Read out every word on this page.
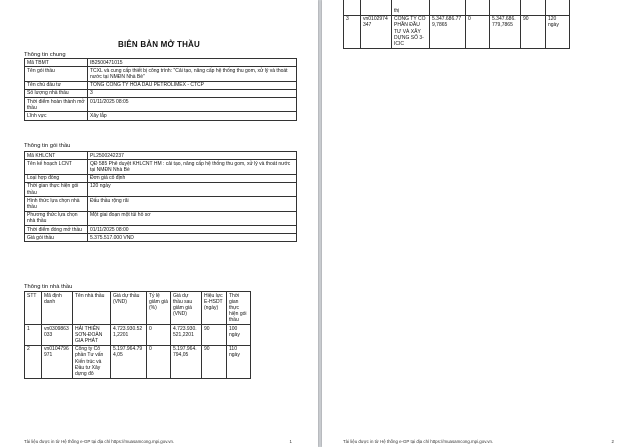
BIÊN BẢN MỞ THẦU
Thông tin chung
Mã TBMT	IB2500471015
Tên gói thầu	TCXL và cung cấp thiết bị công trình: "Cải tạo, nâng cấp hệ thống thu gom, xử lý và thoát nước tại NMĐN Nhà Bè"
Tên chủ đầu tư	TỔNG CÔNG TY HÓA DẦU PETROLIMEX - CTCP
Số lượng nhà thầu	3
Thời điểm hoàn thành mở thầu	01/11/2025 08:05
Lĩnh vực	Xây lắp
Thông tin gói thầu
Mã KHLCNT	PL2500242237
Tên kế hoạch LCNT	QĐ 585 Phê duyệt KHLCNT HM : cải tạo, nâng cấp hệ thống thu gom, xử lý và thoát nước tại NMĐN Nhà Bè
Loại hợp đồng	Đơn giá cố định
Thời gian thực hiện gói thầu	120 ngày
Hình thức lựa chọn nhà thầu	Đấu thầu rộng rãi
Phương thức lựa chọn nhà thầu	Một giai đoạn một túi hồ sơ
Thời điểm đóng mở thầu	01/11/2025 08:00
Giá gói thầu	5.375.517.000 VND
Thông tin nhà thầu
STT	Mã định danh	Tên nhà thầu	Giá dự thầu (VND)	Tỷ lệ giảm giá (%)	Giá dự thầu sau giảm giá (VND)	Hiệu lực E-HSDT (ngày)	Thời gian thực hiện gói thầu
1	vn0309863033	HẢI THIÊN SƠN-ĐOÀN GIA PHÁT	4.723.930.521,2201	0	4.723.930.521,2201	90	100 ngày
2	vn0104796971	Công ty Cổ phần Tư vấn Kiến trúc và Đầu tư Xây dựng đô	5.197.964.794,05	0	5.197.964.794,05	90	110 ngày
Tài liệu được in từ Hệ thống e-GP tại địa chỉ https://muasamcong.mpi.gov.vn.	1
		thị					
3	vn0102974347	CÔNG TY CỔ PHẦN ĐẦU TƯ VÀ XÂY DỰNG SỐ 3- ICIC	5.347.686.779,7865	0	5.347.686.779,7865	90	120 ngày
Tài liệu được in từ Hệ thống e-GP tại địa chỉ https://muasamcong.mpi.gov.vn.	2
